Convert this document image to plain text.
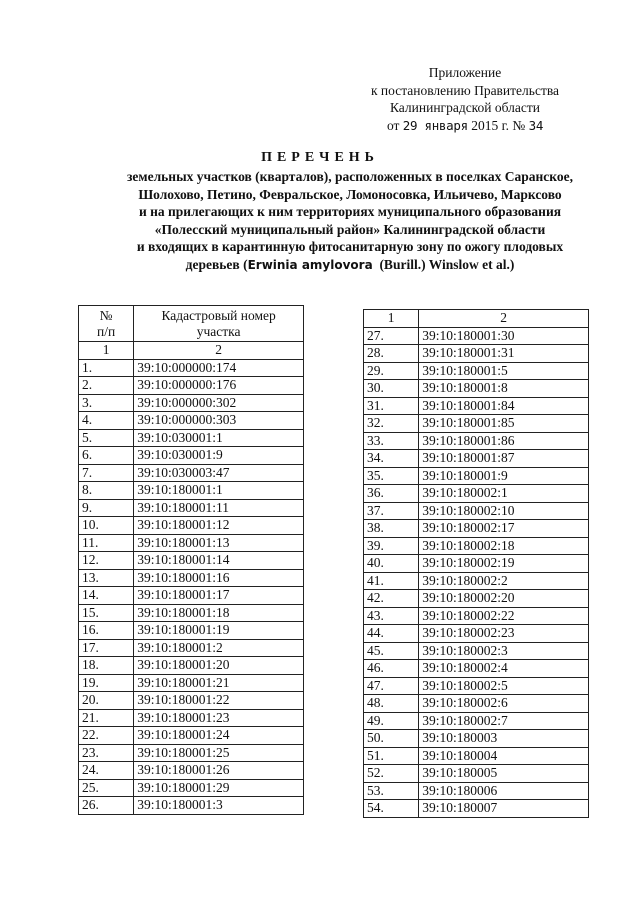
Приложение
к постановлению Правительства
Калининградской области
от 29 января 2015 г. № 34
ПЕРЕЧЕНЬ
земельных участков (кварталов), расположенных в поселках Саранское,
Шолохово, Петино, Февральское, Ломоносовка, Ильичево, Марксово
и на прилегающих к ним территориях муниципального образования
«Полесский муниципальный район» Калининградской области
и входящих в карантинную фитосанитарную зону по ожогу плодовых
деревьев (Erwinia amylovora  (Burill.) Winslow et al.)
№
п/п	Кадастровый номер
участка
1	2
1.	39:10:000000:174
2.	39:10:000000:176
3.	39:10:000000:302
4.	39:10:000000:303
5.	39:10:030001:1
6.	39:10:030001:9
7.	39:10:030003:47
8.	39:10:180001:1
9.	39:10:180001:11
10.	39:10:180001:12
11.	39:10:180001:13
12.	39:10:180001:14
13.	39:10:180001:16
14.	39:10:180001:17
15.	39:10:180001:18
16.	39:10:180001:19
17.	39:10:180001:2
18.	39:10:180001:20
19.	39:10:180001:21
20.	39:10:180001:22
21.	39:10:180001:23
22.	39:10:180001:24
23.	39:10:180001:25
24.	39:10:180001:26
25.	39:10:180001:29
26.	39:10:180001:3
1	2
27.	39:10:180001:30
28.	39:10:180001:31
29.	39:10:180001:5
30.	39:10:180001:8
31.	39:10:180001:84
32.	39:10:180001:85
33.	39:10:180001:86
34.	39:10:180001:87
35.	39:10:180001:9
36.	39:10:180002:1
37.	39:10:180002:10
38.	39:10:180002:17
39.	39:10:180002:18
40.	39:10:180002:19
41.	39:10:180002:2
42.	39:10:180002:20
43.	39:10:180002:22
44.	39:10:180002:23
45.	39:10:180002:3
46.	39:10:180002:4
47.	39:10:180002:5
48.	39:10:180002:6
49.	39:10:180002:7
50.	39:10:180003
51.	39:10:180004
52.	39:10:180005
53.	39:10:180006
54.	39:10:180007
